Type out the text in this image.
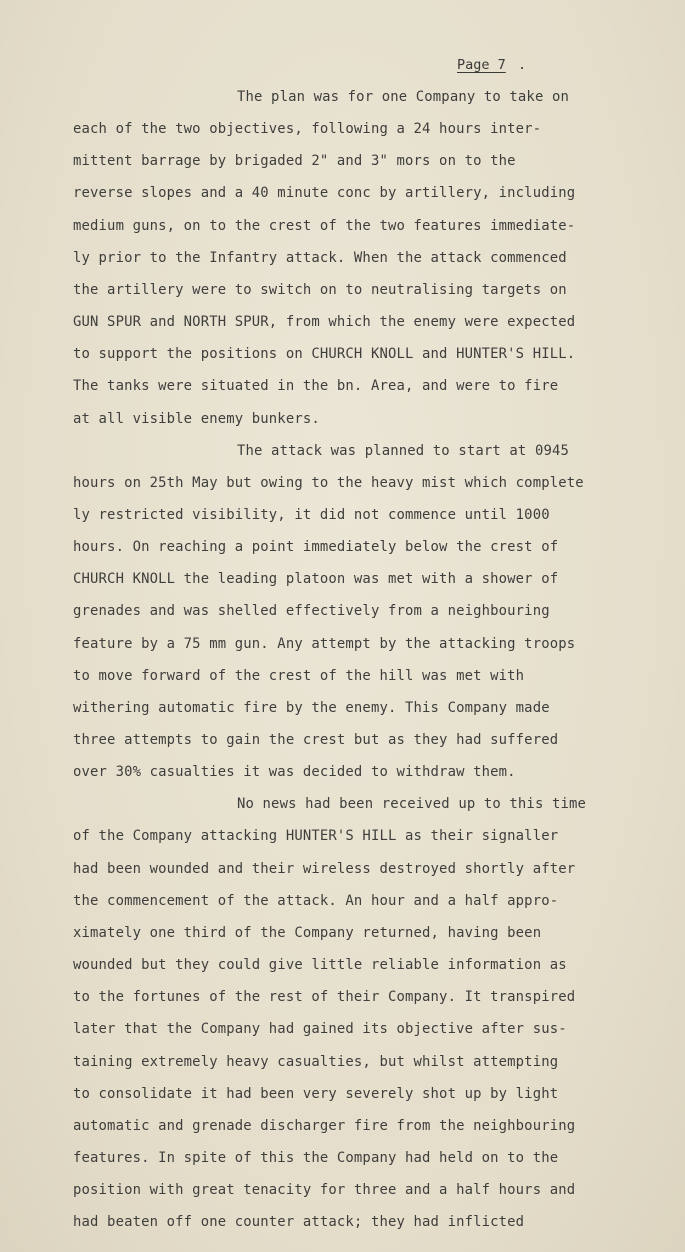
Page 7 .
The plan was for one Company to take on
each of the two objectives, following a 24 hours inter-
mittent barrage by brigaded 2" and 3" mors on to the
reverse slopes and a 40 minute conc by artillery, including
medium guns, on to the crest of the two features immediate-
ly prior to the Infantry attack. When the attack commenced
the artillery were to switch on to neutralising targets on
GUN SPUR and NORTH SPUR, from which the enemy were expected
to support the positions on CHURCH KNOLL and HUNTER'S HILL.
The tanks were situated in the bn. Area, and were to fire
at all visible enemy bunkers.
The attack was planned to start at 0945
hours on 25th May but owing to the heavy mist which complete
ly restricted visibility, it did not commence until 1000
hours. On reaching a point immediately below the crest of
CHURCH KNOLL the leading platoon was met with a shower of
grenades and was shelled effectively from a neighbouring
feature by a 75 mm gun. Any attempt by the attacking troops
to move forward of the crest of the hill was met with
withering automatic fire by the enemy. This Company made
three attempts to gain the crest but as they had suffered
over 30% casualties it was decided to withdraw them.
No news had been received up to this time
of the Company attacking HUNTER'S HILL as their signaller
had been wounded and their wireless destroyed shortly after
the commencement of the attack. An hour and a half appro-
ximately one third of the Company returned, having been
wounded but they could give little reliable information as
to the fortunes of the rest of their Company. It transpired
later that the Company had gained its objective after sus-
taining extremely heavy casualties, but whilst attempting
to consolidate it had been very severely shot up by light
automatic and grenade discharger fire from the neighbouring
features. In spite of this the Company had held on to the
position with great tenacity for three and a half hours and
had beaten off one counter attack; they had inflicted
